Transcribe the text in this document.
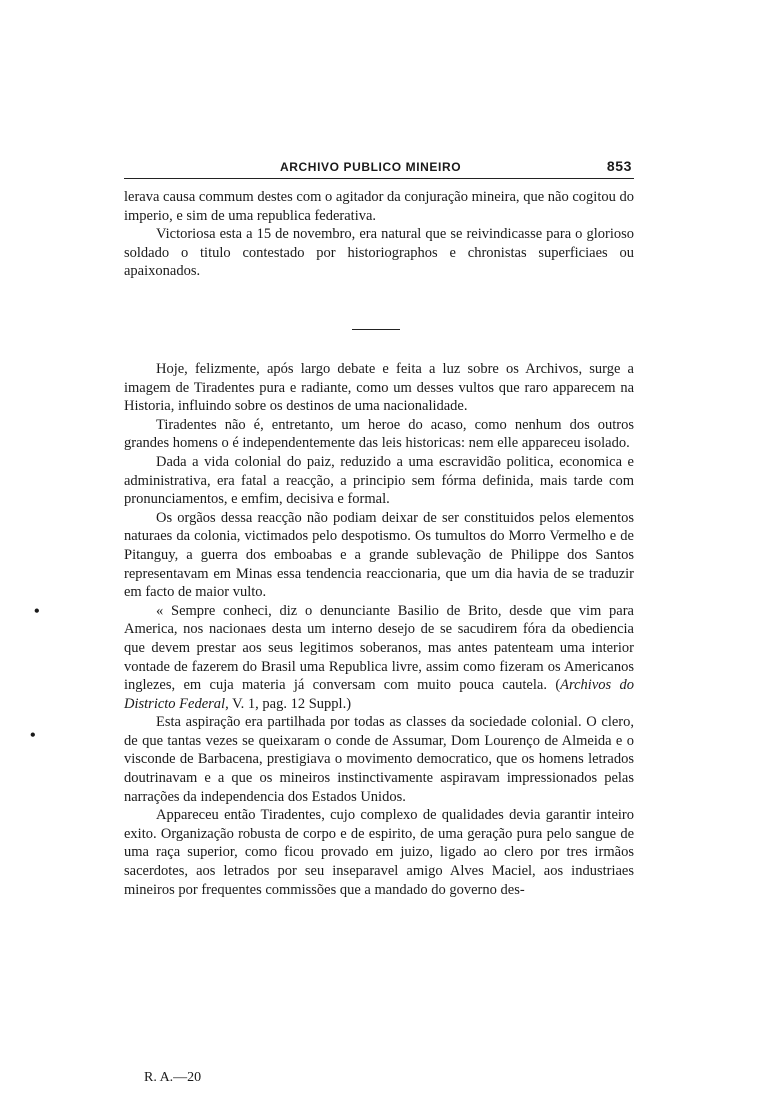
ARCHIVO PUBLICO MINEIRO	853

lerava causa commum destes com o agitador da conjuração mineira, que não cogitou do imperio, e sim de uma republica federativa.

Victoriosa esta a 15 de novembro, era natural que se reivindicasse para o glorioso soldado o titulo contestado por historiographos e chronistas superficiaes ou apaixonados.

Hoje, felizmente, após largo debate e feita a luz sobre os Archivos, surge a imagem de Tiradentes pura e radiante, como um desses vultos que raro apparecem na Historia, influindo sobre os destinos de uma nacionalidade.

Tiradentes não é, entretanto, um heroe do acaso, como nenhum dos outros grandes homens o é independentemente das leis historicas: nem elle appareceu isolado.

Dada a vida colonial do paiz, reduzido a uma escravidão politica, economica e administrativa, era fatal a reacção, a principio sem fórma definida, mais tarde com pronunciamentos, e emfim, decisiva e formal.

Os orgãos dessa reacção não podiam deixar de ser constituidos pelos elementos naturaes da colonia, victimados pelo despotismo. Os tumultos do Morro Vermelho e de Pitanguy, a guerra dos emboabas e a grande sublevação de Philippe dos Santos representavam em Minas essa tendencia reaccionaria, que um dia havia de se traduzir em facto de maior vulto.

« Sempre conheci, diz o denunciante Basilio de Brito, desde que vim para America, nos nacionaes desta um interno desejo de se sacudirem fóra da obediencia que devem prestar aos seus legitimos soberanos, mas antes patenteam uma interior vontade de fazerem do Brasil uma Republica livre, assim como fizeram os Americanos inglezes, em cuja materia já conversam com muito pouca cautela. (Archivos do Districto Federal, V. 1, pag. 12 Suppl.)

Esta aspiração era partilhada por todas as classes da sociedade colonial. O clero, de que tantas vezes se queixaram o conde de Assumar, Dom Lourenço de Almeida e o visconde de Barbacena, prestigiava o movimento democratico, que os homens letrados doutrinavam e a que os mineiros instinctivamente aspiravam impressionados pelas narrações da independencia dos Estados Unidos.

Appareceu então Tiradentes, cujo complexo de qualidades devia garantir inteiro exito. Organização robusta de corpo e de espirito, de uma geração pura pelo sangue de uma raça superior, como ficou provado em juizo, ligado ao clero por tres irmãos sacerdotes, aos letrados por seu inseparavel amigo Alves Maciel, aos industriaes mineiros por frequentes commissões que a mandado do governo des-

•
•
R. A.—20
